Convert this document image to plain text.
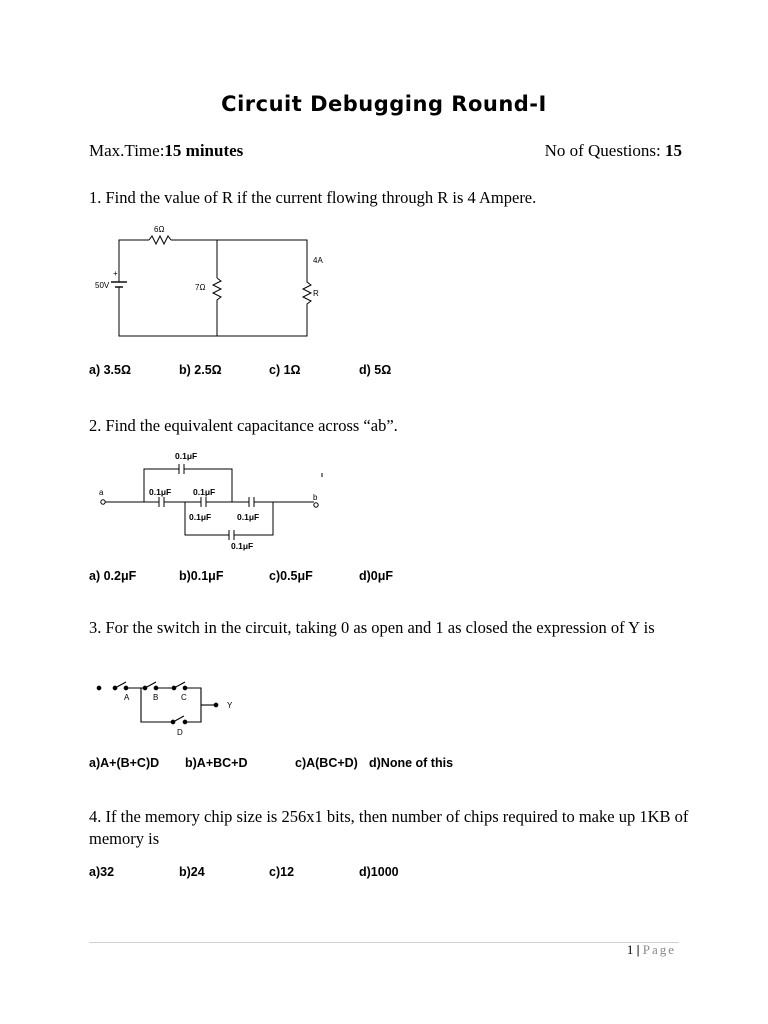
Circuit Debugging Round-I
Max.Time:15 minutes	No of Questions: 15
1. Find the value of R if the current flowing through R is 4 Ampere.
6Ω
+
50V	7Ω
4A
R
a) 3.5Ω	b) 2.5Ω	c) 1Ω	d) 5Ω
2. Find the equivalent capacitance across “ab”.
0.1μF
0.1μF	0.1μF
0.1μF	0.1μF
0.1μF
a
b
a) 0.2μF	b)0.1μF	c)0.5μF	d)0μF
3. For the switch in the circuit, taking 0 as open and 1 as closed the expression of Y is
A	B	C
D
Y
a)A+(B+C)D b)A+BC+D	c)A(BC+D) d)None of this
4. If the memory chip size is 256x1 bits, then number of chips required to make up 1KB of memory is
a)32	b)24	c)12	d)1000
1 | Page
